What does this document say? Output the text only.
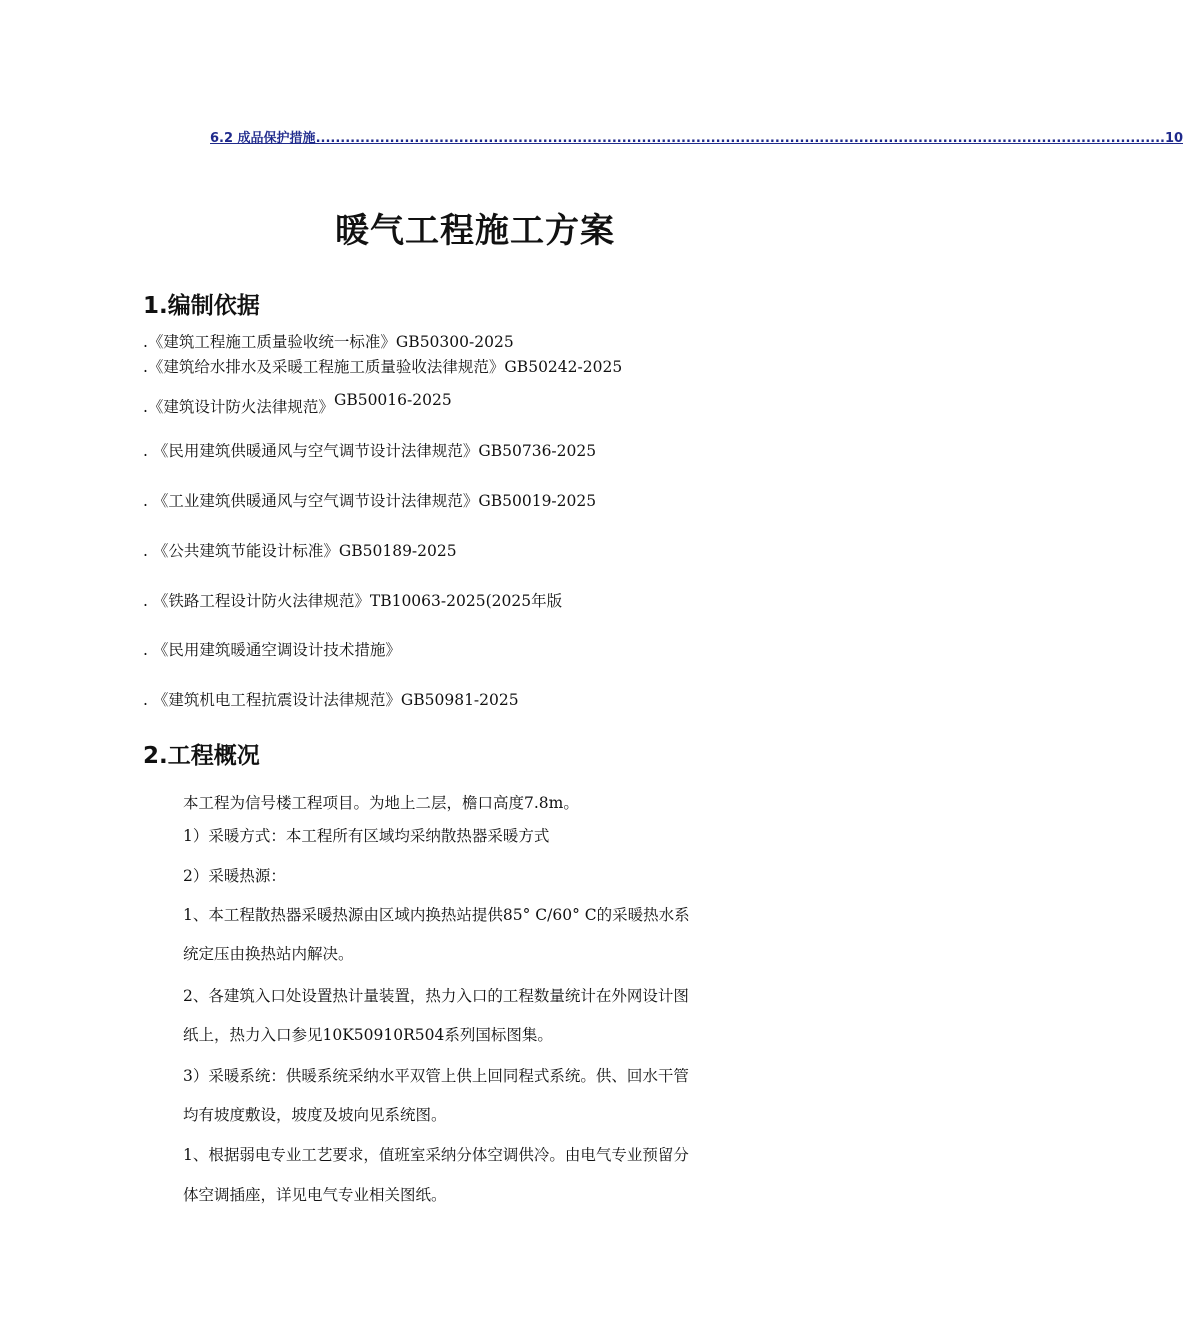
6.2 成品保护措施 ............................................................................................................................................................................ 10
暖气工程施工方案
1.编制依据
.《建筑工程施工质量验收统一标准》GB50300-2025
.《建筑给水排水及采暖工程施工质量验收法律规范》GB50242-2025
.《建筑设计防火法律规范》GB50016-2025
. 《民用建筑供暖通风与空气调节设计法律规范》GB50736-2025
. 《工业建筑供暖通风与空气调节设计法律规范》GB50019-2025
. 《公共建筑节能设计标准》GB50189-2025
. 《铁路工程设计防火法律规范》TB10063-2025(2025年版
. 《民用建筑暖通空调设计技术措施》
. 《建筑机电工程抗震设计法律规范》GB50981-2025
2.工程概况
本工程为信号楼工程项目。为地上二层，檐口高度7.8m。
1）采暖方式：本工程所有区域均采纳散热器采暖方式
2）采暖热源：
1、本工程散热器采暖热源由区域内换热站提供85° C/60° C的采暖热水系
统定压由换热站内解决。
2、各建筑入口处设置热计量装置，热力入口的工程数量统计在外网设计图
纸上，热力入口参见10K50910R504系列国标图集。
3）采暖系统：供暖系统采纳水平双管上供上回同程式系统。供、回水干管
均有坡度敷设，坡度及坡向见系统图。
1、根据弱电专业工艺要求，值班室采纳分体空调供冷。由电气专业预留分
体空调插座，详见电气专业相关图纸。
